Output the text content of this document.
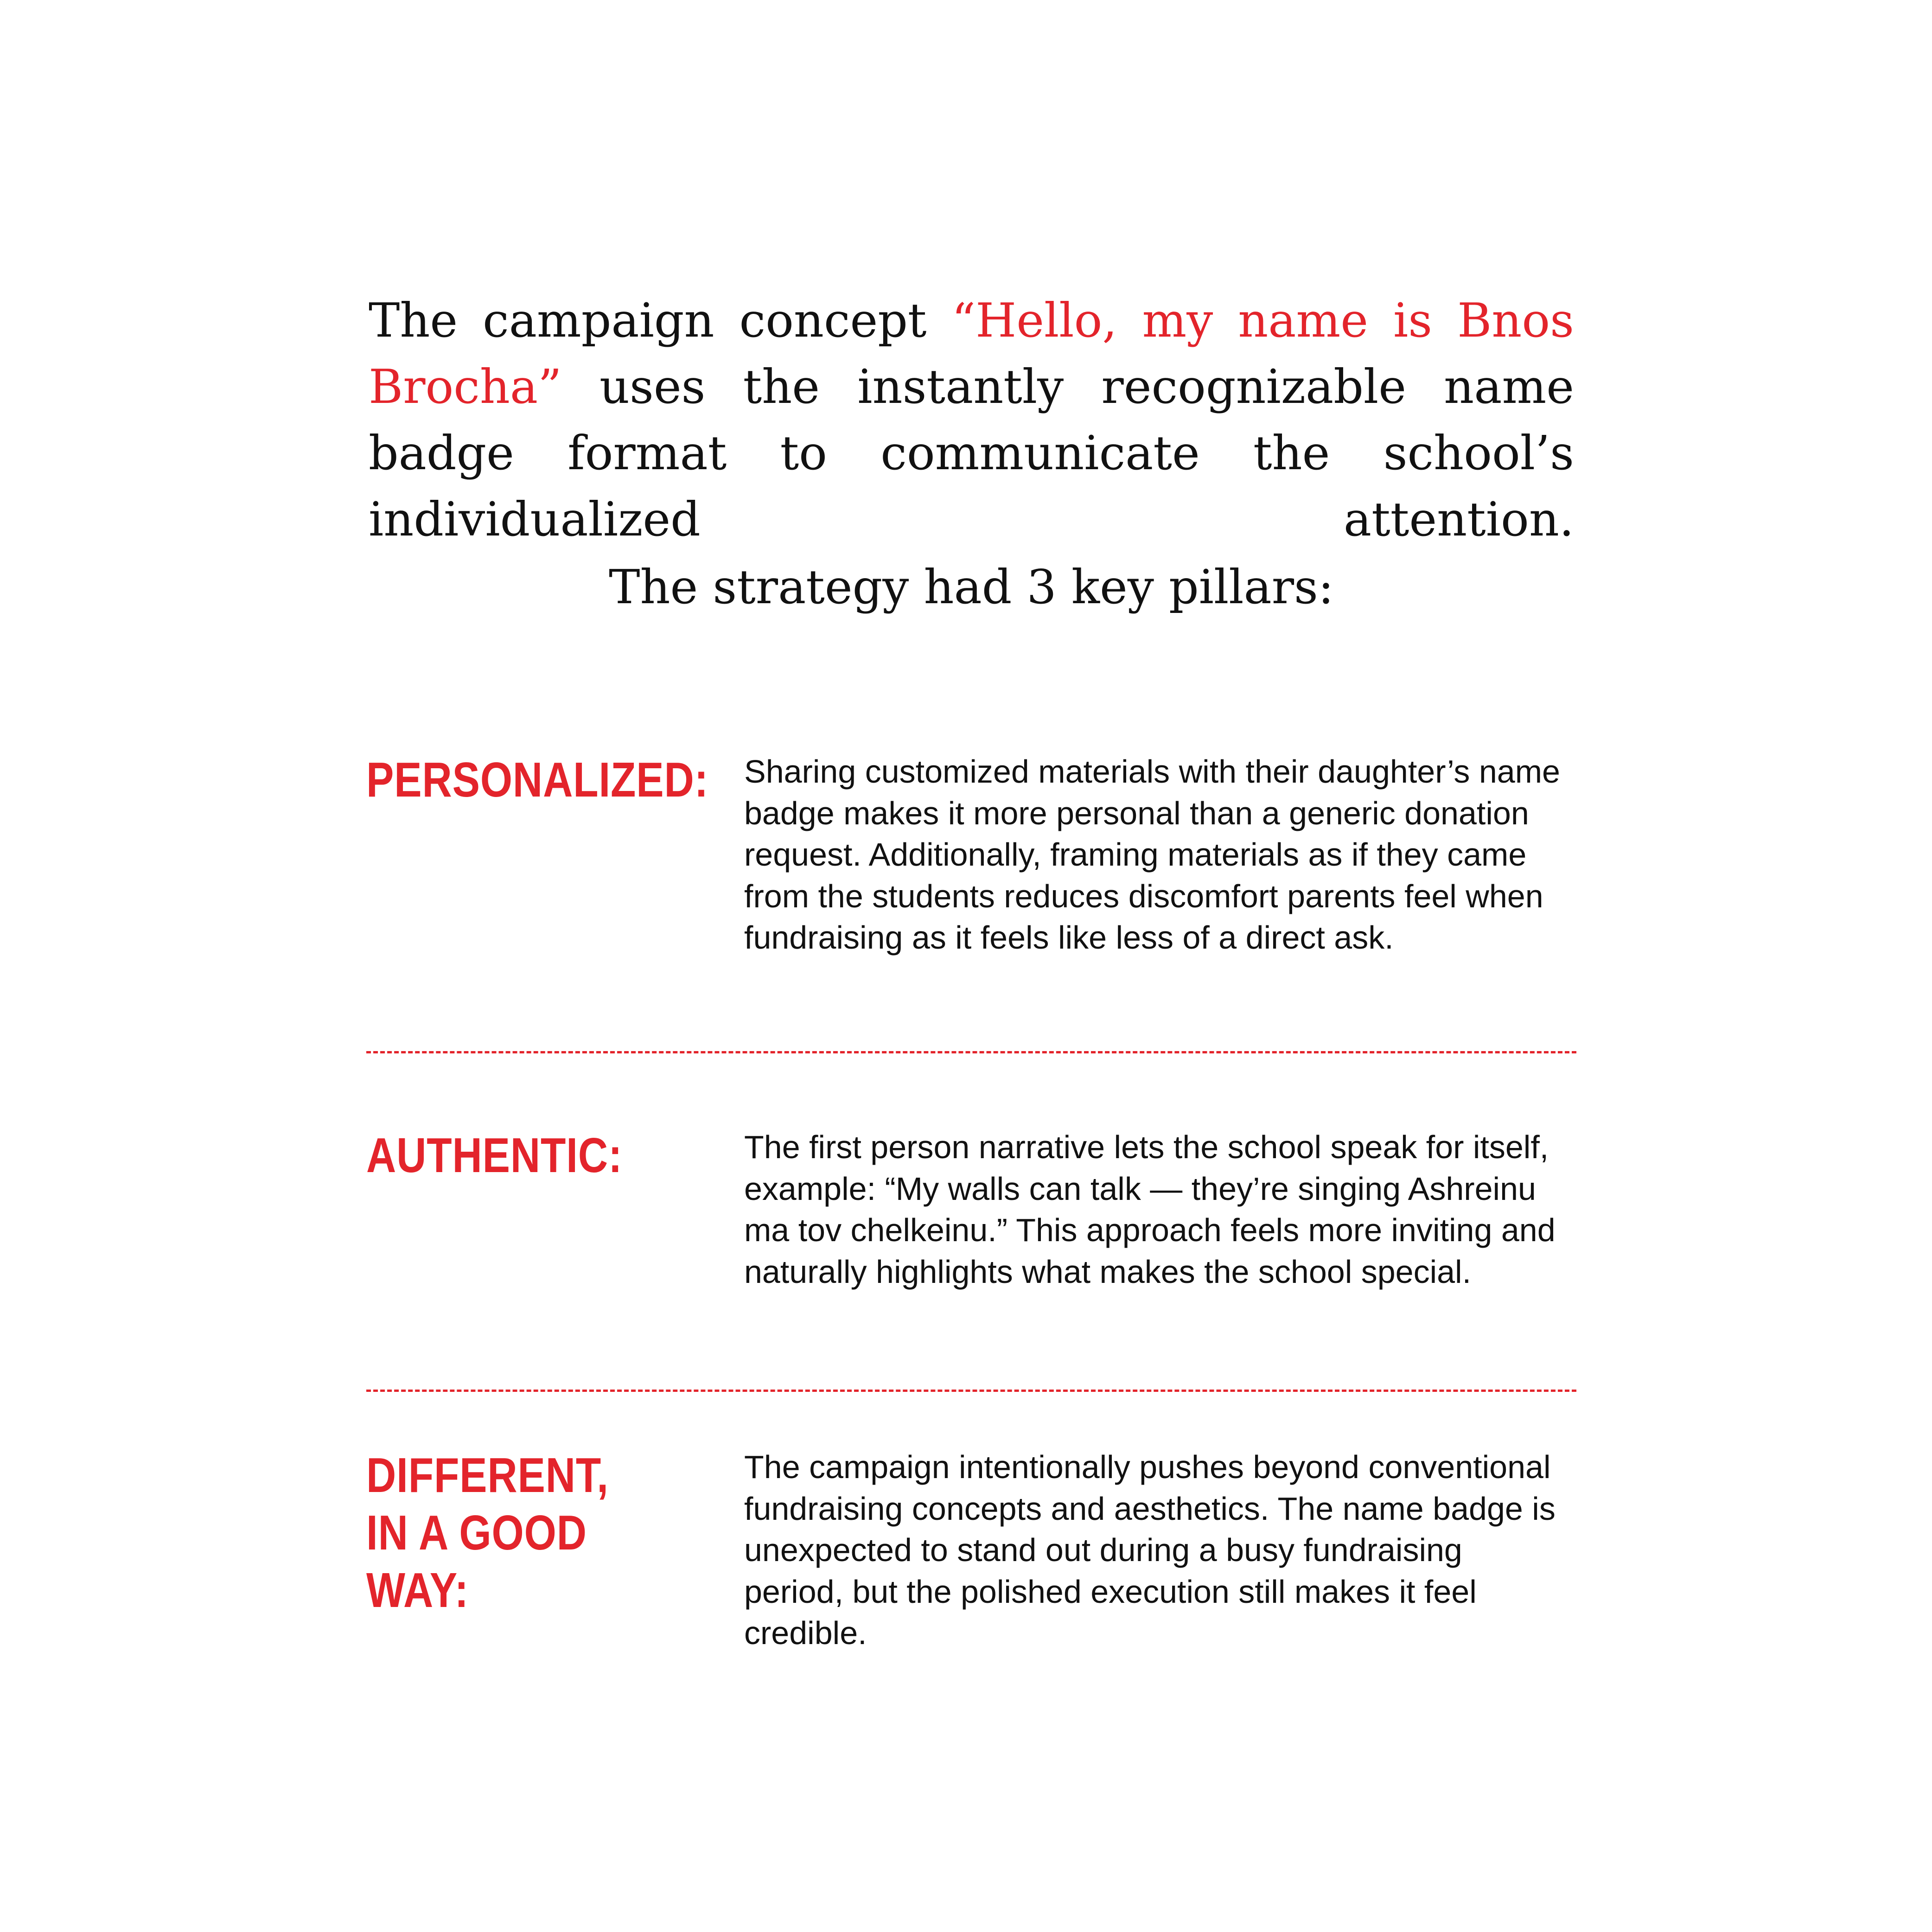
The campaign concept “Hello, my name is Bnos Brocha” uses the instantly recognizable name badge format to communicate the school’s individualized attention.
The strategy had 3 key pillars:
PERSONALIZED: Sharing customized materials with their daughter’s name badge makes it more personal than a generic donation request. Additionally, framing materials as if they came from the students reduces discomfort parents feel when fundraising as it feels like less of a direct ask.
AUTHENTIC:	The first person narrative lets the school speak for itself, example: “My walls can talk — they’re singing Ashreinu ma tov chelkeinu.” This approach feels more inviting and naturally highlights what makes the school special.
DIFFERENT, IN A GOOD WAY:
The campaign intentionally pushes beyond conventional fundraising concepts and aesthetics. The name badge is unexpected to stand out during a busy fundraising period, but the polished execution still makes it feel credible.
